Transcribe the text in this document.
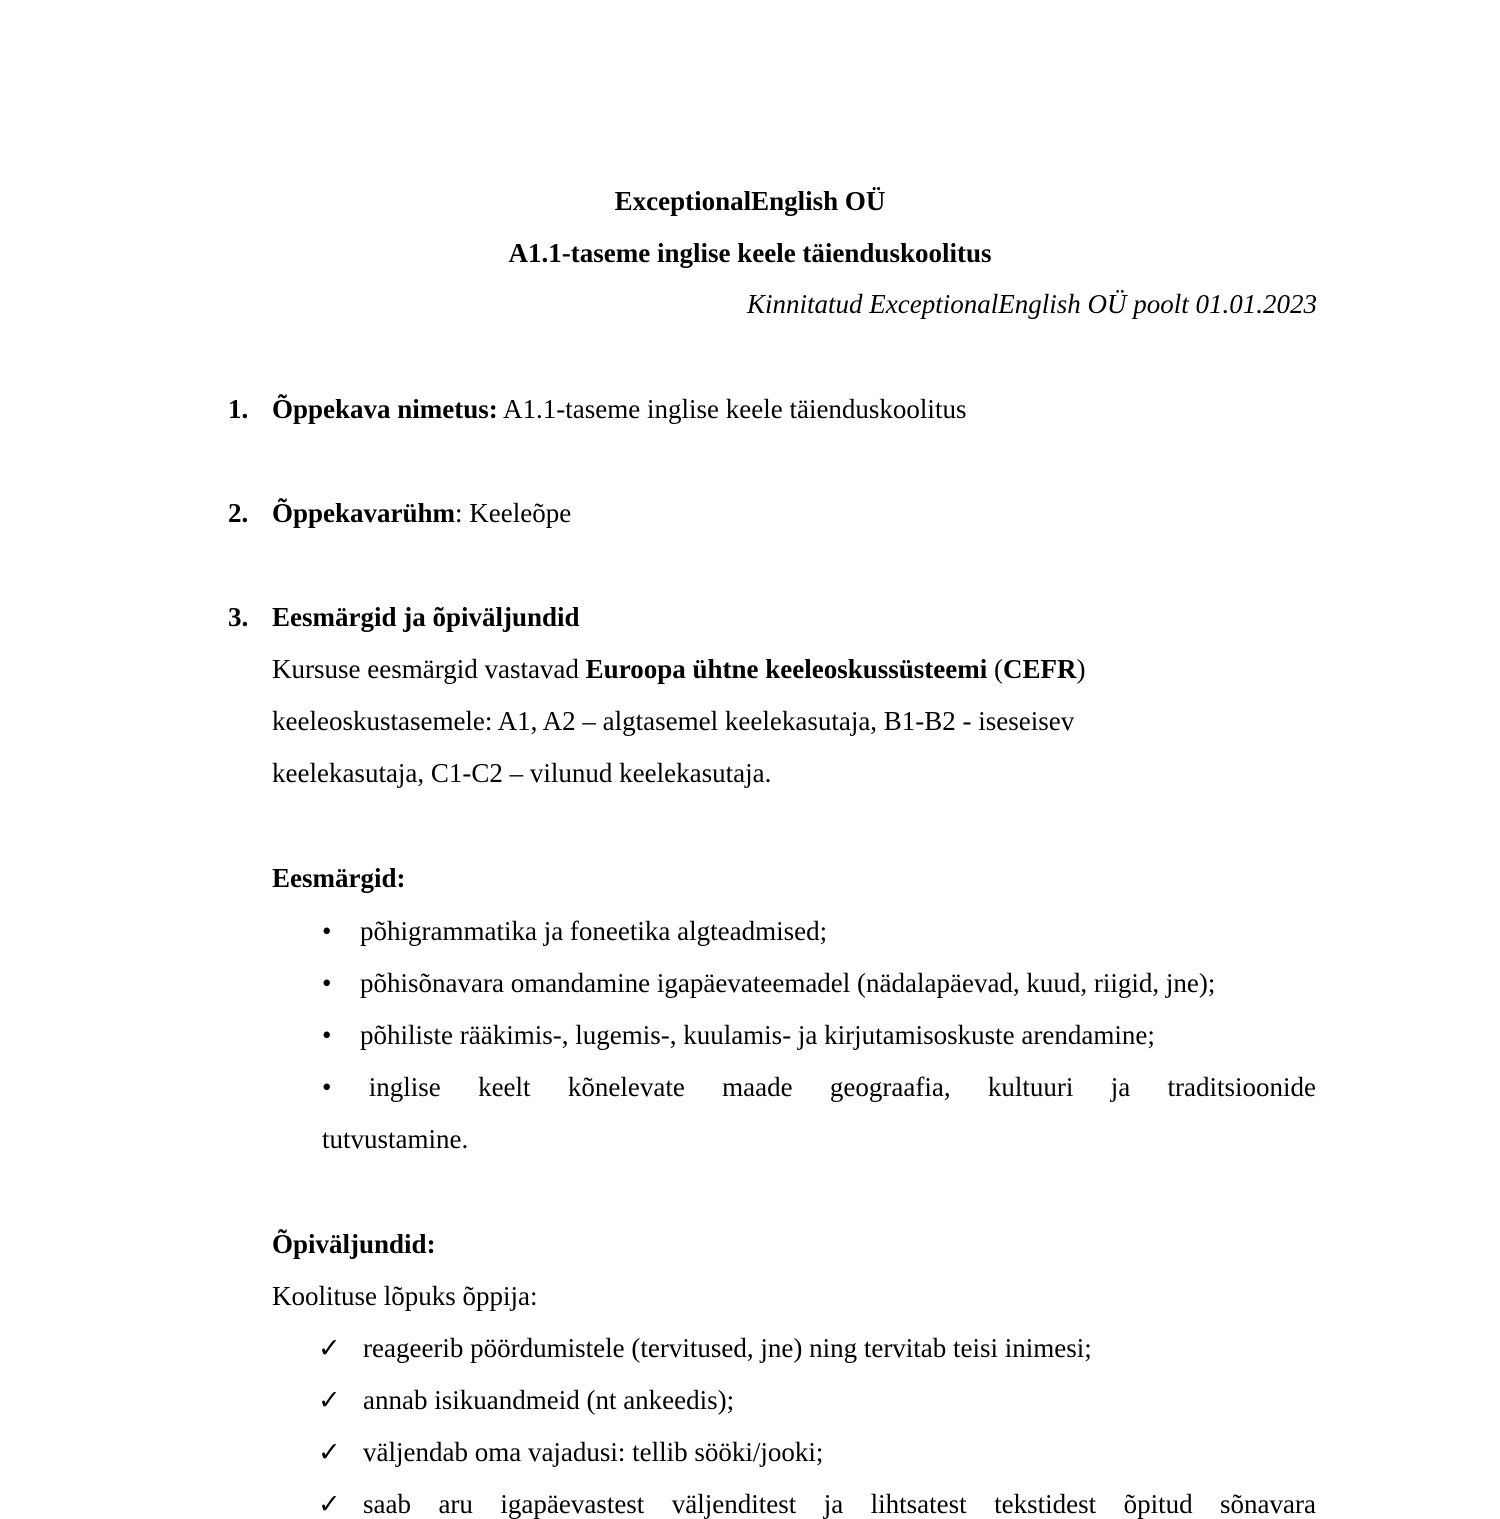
ExceptionalEnglish OÜ
A1.1-taseme inglise keele täienduskoolitus
Kinnitatud ExceptionalEnglish OÜ poolt 01.01.2023
1. Õppekava nimetus: A1.1-taseme inglise keele täienduskoolitus
2. Õppekavarühm: Keeleõpe
3. Eesmärgid ja õpiväljundid
Kursuse eesmärgid vastavad Euroopa ühtne keeleoskussüsteemi (CEFR)
keeleoskustasemele: A1, A2 – algtasemel keelekasutaja, B1-B2 - iseseisev
keelekasutaja, C1-C2 – vilunud keelekasutaja.
Eesmärgid:
• põhigrammatika ja foneetika algteadmised;
• põhisõnavara omandamine igapäevateemadel (nädalapäevad, kuud, riigid, jne);
• põhiliste rääkimis-, lugemis-, kuulamis- ja kirjutamisoskuste arendamine;
• inglise keelt kõnelevate maade geograafia, kultuuri ja traditsioonide
tutvustamine.
Õpiväljundid:
Koolituse lõpuks õppija:
✓ reageerib pöördumistele (tervitused, jne) ning tervitab teisi inimesi;
✓ annab isikuandmeid (nt ankeedis);
✓ väljendab oma vajadusi: tellib sööki/jooki;
✓ saab aru igapäevastest väljenditest ja lihtsatest tekstidest õpitud sõnavara
